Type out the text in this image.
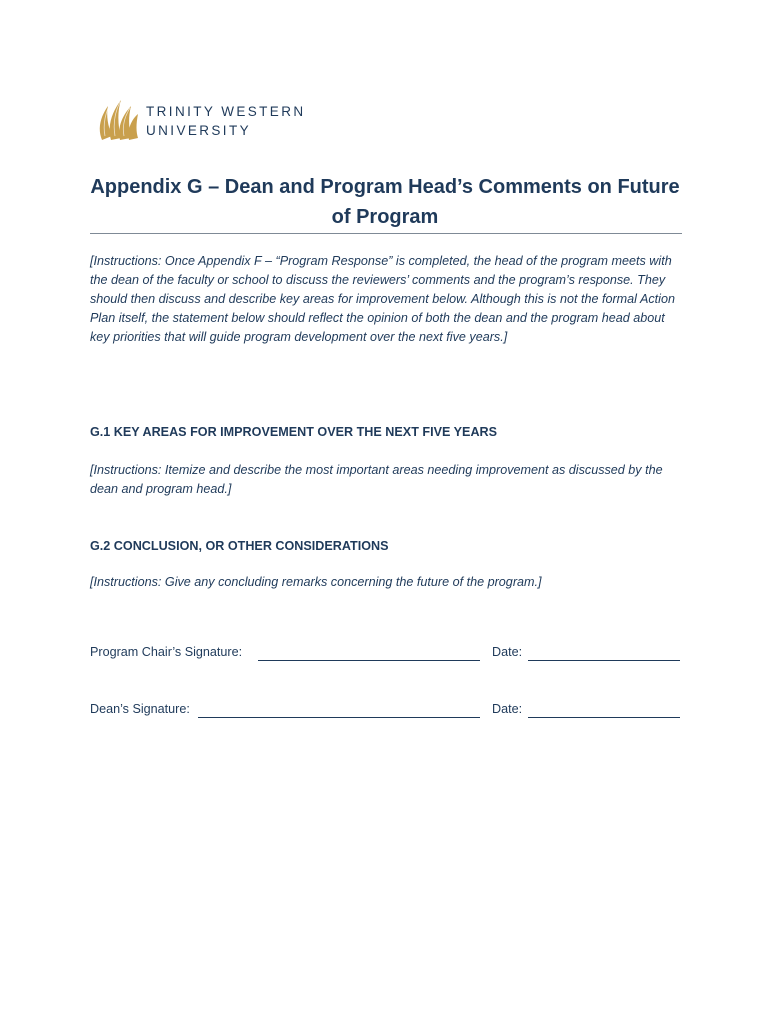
TRINITY WESTERN
UNIVERSITY
Appendix G – Dean and Program Head’s Comments on Future of Program
[Instructions: Once Appendix F – “Program Response” is completed, the head of the program meets with the dean of the faculty or school to discuss the reviewers’ comments and the program’s response. They should then discuss and describe key areas for improvement below. Although this is not the formal Action Plan itself, the statement below should reflect the opinion of both the dean and the program head about key priorities that will guide program development over the next five years.]
G.1 KEY AREAS FOR IMPROVEMENT OVER THE NEXT FIVE YEARS
[Instructions: Itemize and describe the most important areas needing improvement as discussed by the dean and program head.]
G.2 CONCLUSION, OR OTHER CONSIDERATIONS
[Instructions: Give any concluding remarks concerning the future of the program.]
Program Chair’s Signature:	Date:
Dean’s Signature:	Date:
